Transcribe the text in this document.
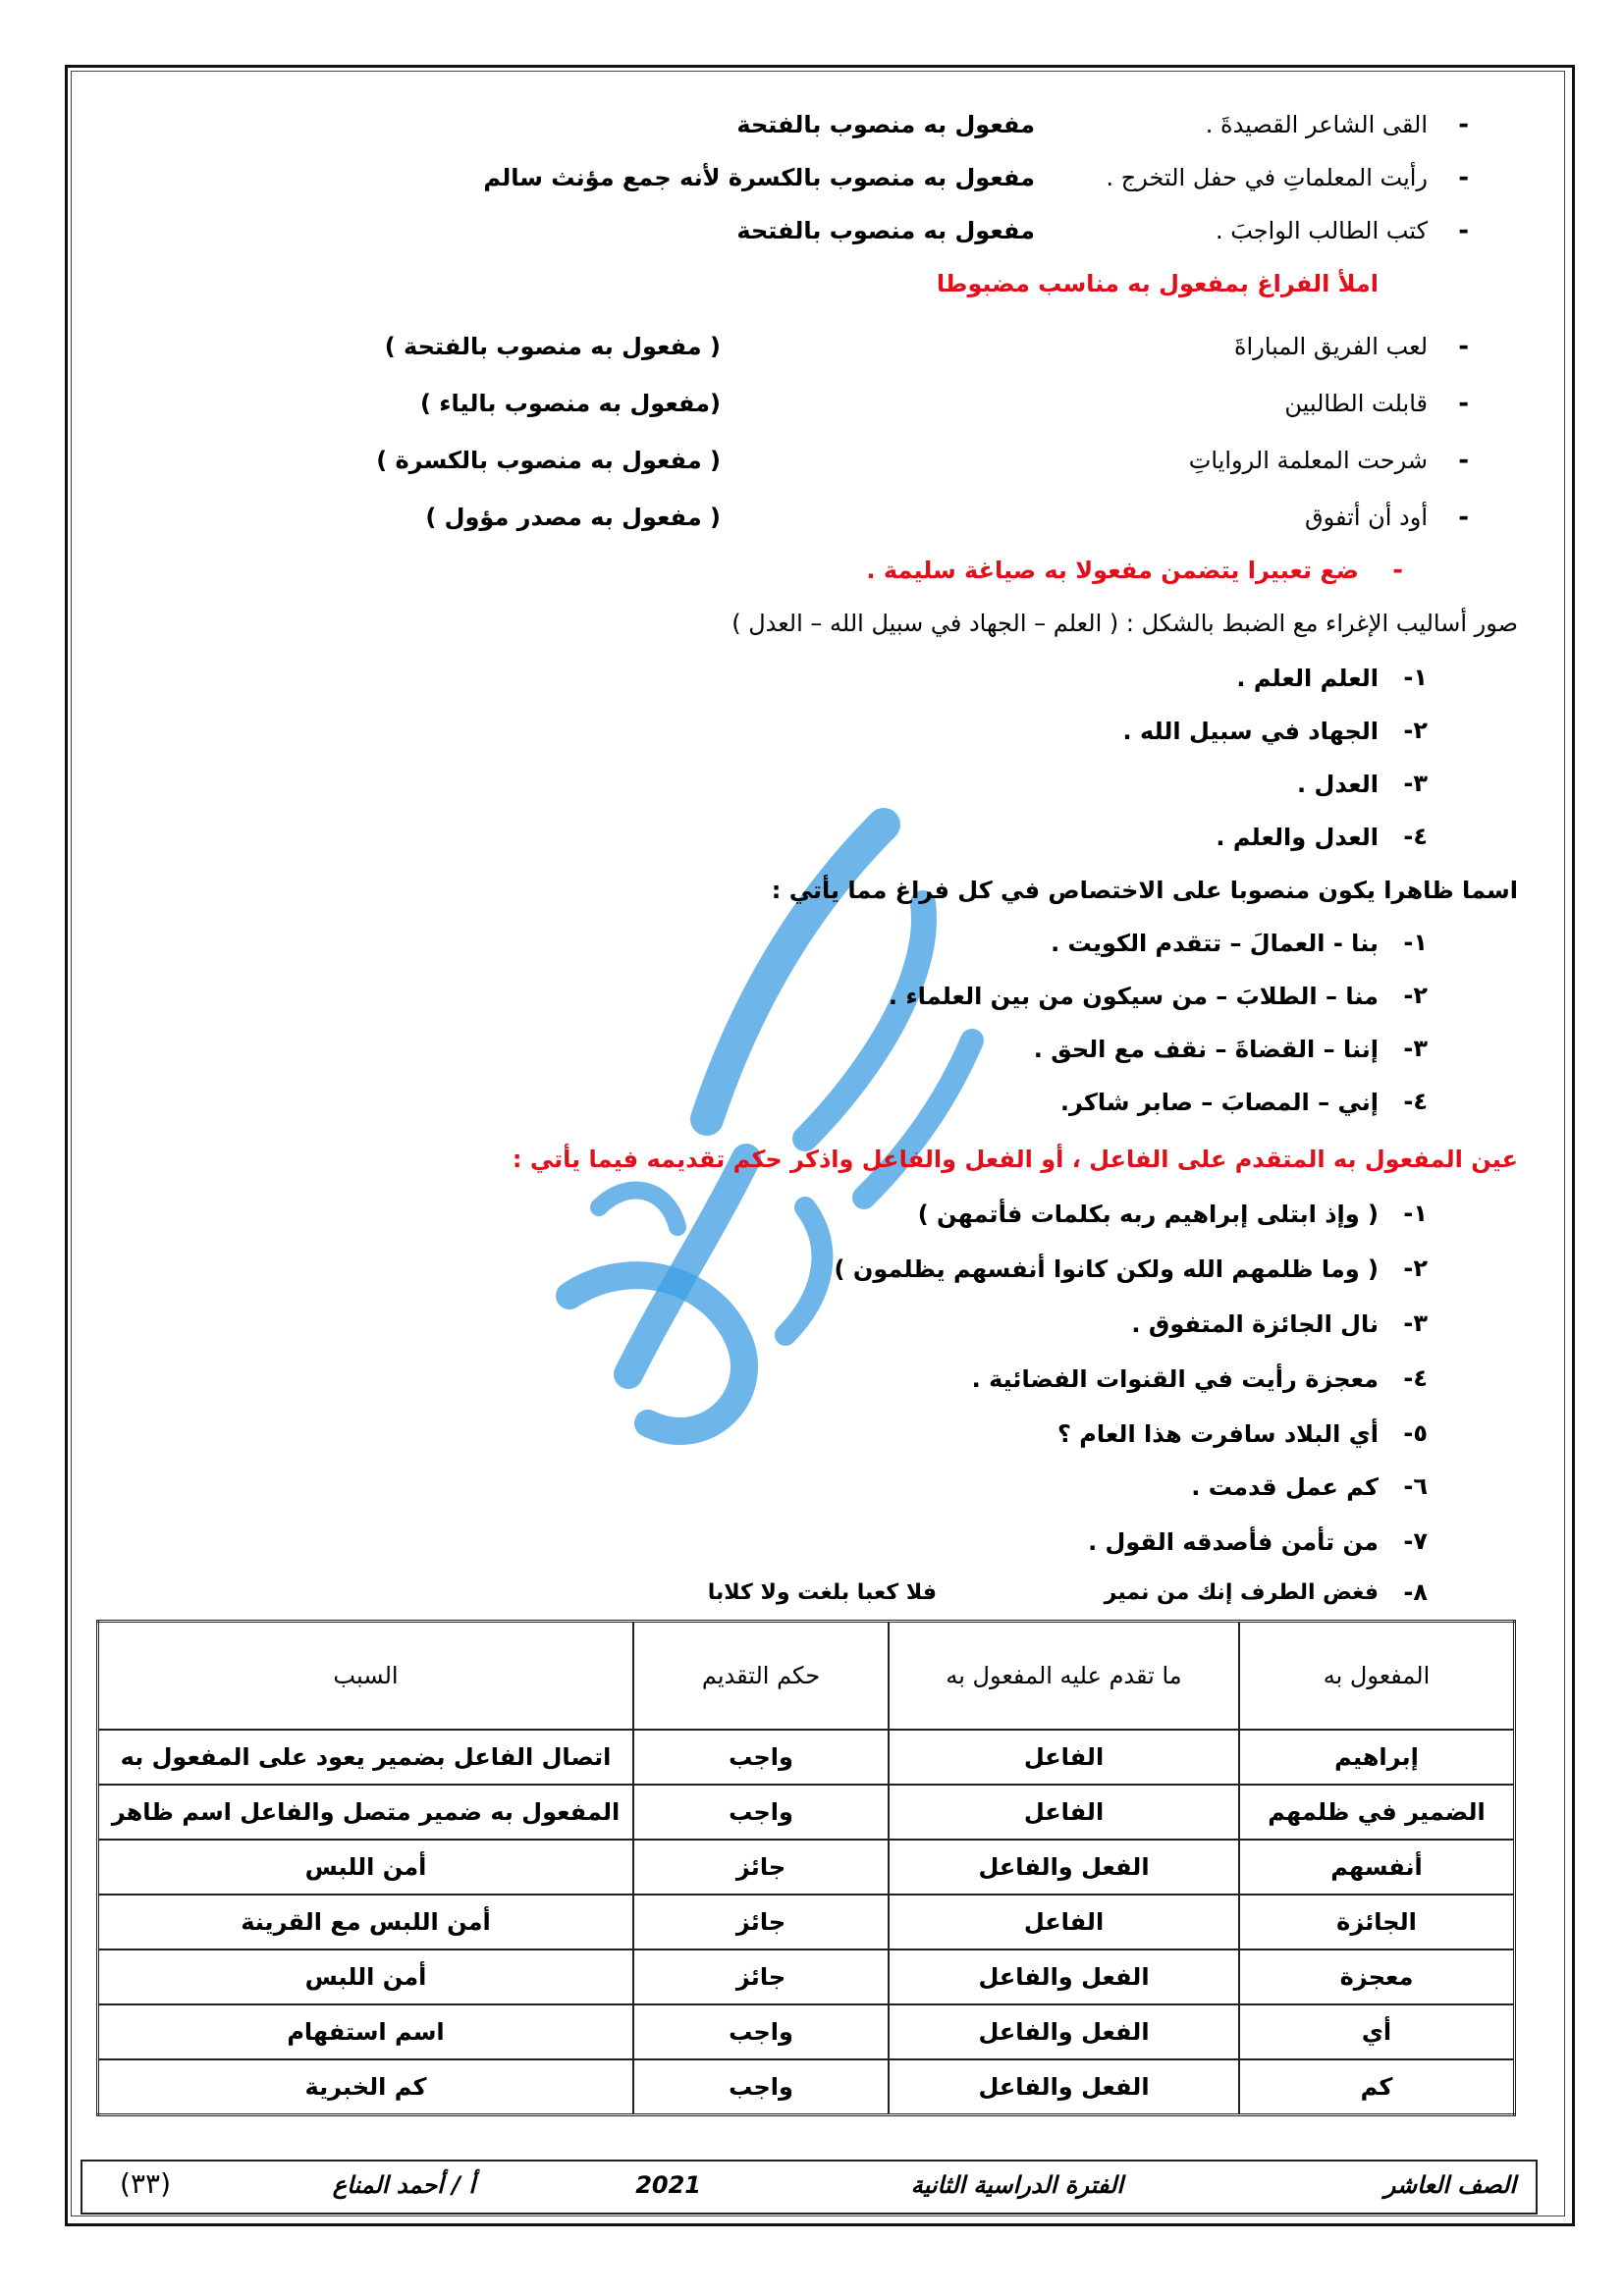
-
القى الشاعر القصيدةَ .
مفعول به منصوب بالفتحة
-
رأيت المعلماتِ في حفل التخرج .
مفعول به منصوب بالكسرة لأنه جمع مؤنث سالم
-
كتب الطالب الواجبَ .
مفعول به منصوب بالفتحة
املأ الفراغ بمفعول به مناسب مضبوطا
-
لعب الفريق المباراةَ
( مفعول به منصوب بالفتحة )
-
قابلت الطالبين
(مفعول به منصوب بالياء )
-
شرحت المعلمة الرواياتِ
( مفعول به منصوب بالكسرة )
-
أود أن أتفوق
( مفعول به مصدر مؤول )
-
ضع تعبيرا يتضمن مفعولا به صياغة سليمة .
صور أساليب الإغراء مع الضبط بالشكل : ( العلم – الجهاد في سبيل الله – العدل )
١-
العلم العلم .
٢-
الجهاد في سبيل الله .
٣-
العدل .
٤-
العدل والعلم .
اسما ظاهرا يكون منصوبا على الاختصاص في كل فراغ مما يأتي :
١-
بنا - العمالَ – تتقدم الكويت .
٢-
منا – الطلابَ – من سيكون من بين العلماء .
٣-
إننا – القضاةَ – نقف مع الحق .
٤-
إني – المصابَ – صابر شاكر.
عين المفعول به المتقدم على الفاعل ، أو الفعل والفاعل واذكر حكم تقديمه فيما يأتي :
١-
( وإذ ابتلى إبراهيم ربه بكلمات فأتمهن )
٢-
( وما ظلمهم الله ولكن كانوا أنفسهم يظلمون )
٣-
نال الجائزة المتفوق .
٤-
معجزة رأيت في القنوات الفضائية .
٥-
أي البلاد سافرت هذا العام ؟
٦-
كم عمل قدمت .
٧-
من تأمن فأصدقه القول .
٨-
فغض الطرف إنك من نمير
فلا كعبا بلغت ولا كلابا
المفعول به	ما تقدم عليه المفعول به	حكم التقديم	السبب
إبراهيم	الفاعل	واجب	اتصال الفاعل بضمير يعود على المفعول به
الضمير في ظلمهم	الفاعل	واجب	المفعول به ضمير متصل والفاعل اسم ظاهر
أنفسهم	الفعل والفاعل	جائز	أمن اللبس
الجائزة	الفاعل	جائز	أمن اللبس مع القرينة
معجزة	الفعل والفاعل	جائز	أمن اللبس
أي	الفعل والفاعل	واجب	اسم استفهام
كم	الفعل والفاعل	واجب	كم الخبرية
الصف العاشر
الفترة الدراسية الثانية
2021
أ / أحمد المناع
(٣٣)
